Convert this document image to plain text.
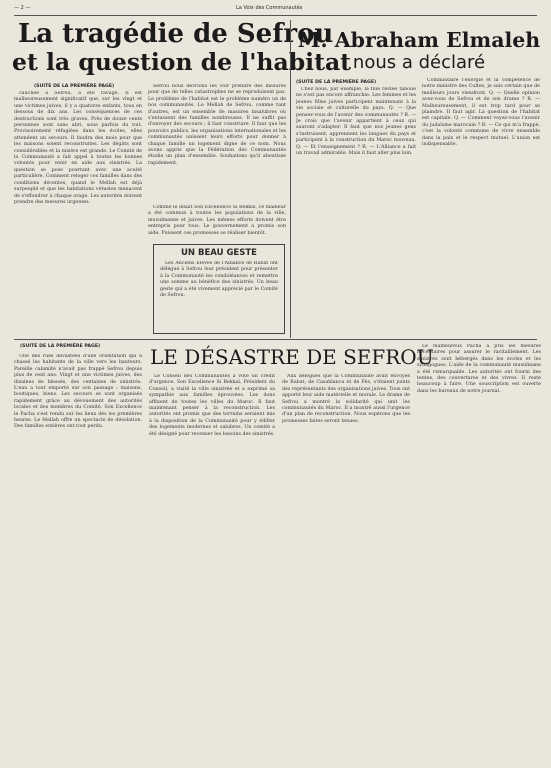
— 2 —	La Voix des Communautés
La tragédie de Sefrou
et la question de l'habitat
(SUITE DE LA PREMIÈRE PAGE)

cauchée à Sefrou, a été ravagé. Il est malheureusement significatif que, sur les vingt et une victimes juives, il y a quatorze enfants, tous en dessous de dix ans. Les conséquences de ces destructions sont très graves. Près de douze cents personnes sont sans abri, sous parfois du toit. Provisoirement réfugiées dans les écoles, elles attendent un secours. Il faudra des mois pour que les maisons soient reconstruites. Les dégâts sont considérables et la misère est grande. Le Comité de la Communauté a fait appel à toutes les bonnes volontés pour venir en aide aux sinistrés. La question se pose pourtant avec une acuité particulière. Comment reloger ces familles dans des conditions décentes, quand le Mellah est déjà surpeuplé et que les habitations vétustes menacent de s'effondrer à chaque orage. Les autorités doivent prendre des mesures urgentes.

Sefrou nous devrions les voir prendre des mesures pour que de telles catastrophes ne se reproduisent pas. Le problème de l'habitat est le problème numéro un de nos communautés. Le Mellah de Sefrou, comme tant d'autres, est un ensemble de masures insalubres où s'entassent des familles nombreuses. Il ne suffit pas d'envoyer des secours ; il faut construire. Il faut que les pouvoirs publics, les organisations internationales et les communautés unissent leurs efforts pour donner à chaque famille un logement digne de ce nom. Nous avons appris que la Fédération des Communautés étudie un plan d'ensemble. Souhaitons qu'il aboutisse rapidement.

Comme le disait Son Excellence Si Bekkaï, ce malheur a été commun à toutes les populations de la ville, musulmanes et juives. Les mêmes efforts doivent être entrepris pour tous. Le gouvernement a promis son aide. Puissent ces promesses se réaliser bientôt.

UN BEAU GESTE

Les Anciens Élèves de l'Alliance de Rabat ont délégué à Sefrou leur président pour présenter à la Communauté les condoléances et remettre une somme au bénéfice des sinistrés. Un beau geste qui a été vivement apprécié par le Comité de Sefrou.

M. Abraham Elmaleh
nous a déclaré
(SUITE DE LA PREMIÈRE PAGE)

Chez nous, par exemple, la fille restée taboue ne s'est pas encore affranchie. Les femmes et les jeunes filles juives participent maintenant à la vie sociale et culturelle du pays. Q. — Que pensez-vous de l'avenir des communautés ? R. — Je crois que l'avenir appartient à ceux qui sauront s'adapter. Il faut que nos jeunes gens s'instruisent, apprennent les langues du pays et participent à la construction du Maroc nouveau. Q. — Et l'enseignement ? R. — L'Alliance a fait un travail admirable. Mais il faut aller plus loin.

Commissaire l'énergie et la compétence de notre ministre des Cultes, je suis certain que de meilleurs jours viendront. Q. — Quelle opinion avez-vous de Sefrou et de son drame ? R. — Malheureusement, il est trop tard pour se plaindre. Il faut agir. La question de l'habitat est capitale. Q. — Comment voyez-vous l'avenir du judaïsme marocain ? R. — Ce qui m'a frappé, c'est la volonté commune de vivre ensemble dans la paix et le respect mutuel. L'union est indispensable.

(SUITE DE LA PREMIÈRE PAGE) LE DÉSASTRE DE SEFROU

Une des rues dévastées d'une orientation qui a chassé les habitants de la ville vers les hauteurs. Pareille calamité n'avait pas frappé Sefrou depuis plus de cent ans. Vingt et une victimes juives, des dizaines de blessés, des centaines de sinistrés. L'eau a tout emporté sur son passage : maisons, boutiques, biens. Les secours se sont organisés rapidement grâce au dévouement des autorités locales et des membres du Comité. Son Excellence le Pacha s'est rendu sur les lieux dès les premières heures. Le Mellah offre un spectacle de désolation. Des familles entières ont tout perdu.

Le Conseil des Communautés a voté un crédit d'urgence. Son Excellence Si Bekkaï, Président du Conseil, a visité la ville sinistrée et a exprimé sa sympathie aux familles éprouvées. Les dons affluent de toutes les villes du Maroc. Il faut maintenant penser à la reconstruction. Les autorités ont promis que des terrains seraient mis à la disposition de la Communauté pour y édifier des logements modernes et salubres. Un comité a été désigné pour recenser les besoins des sinistrés.

Aux délégués que la Communauté avait envoyés de Rabat, de Casablanca et de Fès, s'étaient joints des représentants des organisations juives. Tous ont apporté leur aide matérielle et morale. Le drame de Sefrou a montré la solidarité qui unit les communautés du Maroc. Il a montré aussi l'urgence d'un plan de reconstruction. Nous espérons que les promesses faites seront tenues.

Le malheureux Pacha a pris les mesures nécessaires pour assurer le ravitaillement. Les sinistrés sont hébergés dans les écoles et les synagogues. L'aide de la communauté musulmane a été remarquable. Les autorités ont fourni des tentes, des couvertures et des vivres. Il reste beaucoup à faire. Une souscription est ouverte dans les bureaux de notre journal.
